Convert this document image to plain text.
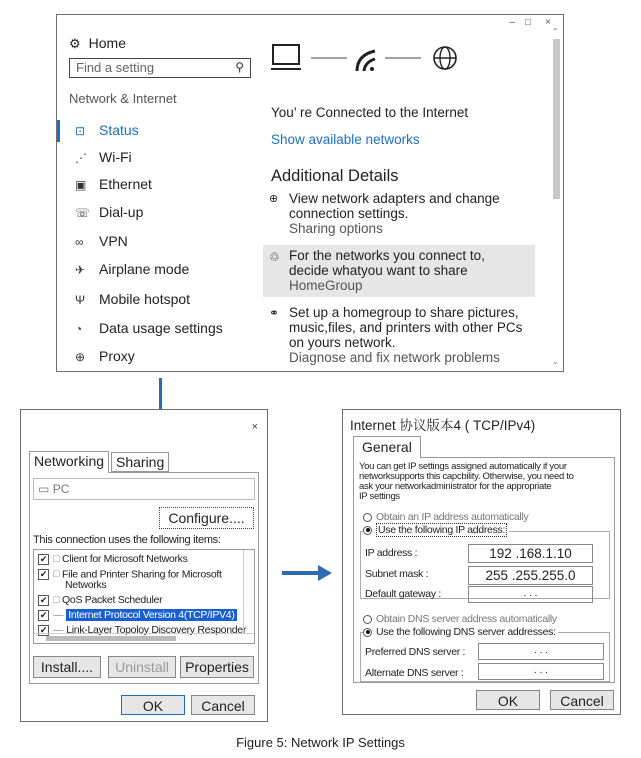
– □ ×
⚙ Home
Find a setting	⚲
Network & Internet
⊡ Status
⋰ Wi-Fi
▣ Ethernet
☏ Dial-up
∞ VPN
✈ Airplane mode
Ψ Mobile hotspot
◔ Data usage settings
⊕ Proxy
You’ re Connected to the Internet
Show available networks
Additional Details
⊕ View network adapters and change
connection settings.
Sharing options
♲ For the networks you connect to,
decide whatyou want to share
HomeGroup
⚭ Set up a homegroup to share pictures,
music,files, and printers with other PCs
on yours network.
Diagnose and fix network problems
⌃
⌄
×
Networking Sharing
▭ PC
Configure....
This connection uses the following items:
✔ □ Client for Microsoft Networks
✔ □ File and Printer Sharing for Microsoft
Networks
✔ □ QoS Packet Scheduler
✔ — Internet Protocol Version 4(TCP/IPV4)
✔ — Link-Layer Topoloy Discovery Responder
Install....	Uninstall	Properties
OK	Cancel
Internet 协议版本4 ( TCP/IPv4)
General
You can get IP settings assigned automatically if your
networksupports this capcbility. Otherwise, you need to
ask your networkadministrator for the appropriate
IP settings
Obtain an IP address automatically
Use the following IP address:
IP address :	192 .168.1.10
Subnet mask :	255 .255.255.0
Default gateway :	. . .
Obtain DNS server address automatically
Use the following DNS server addresses:
Preferred DNS server :	. . .
Alternate DNS server :	. . .
OK	Cancel
Figure 5: Network IP Settings
